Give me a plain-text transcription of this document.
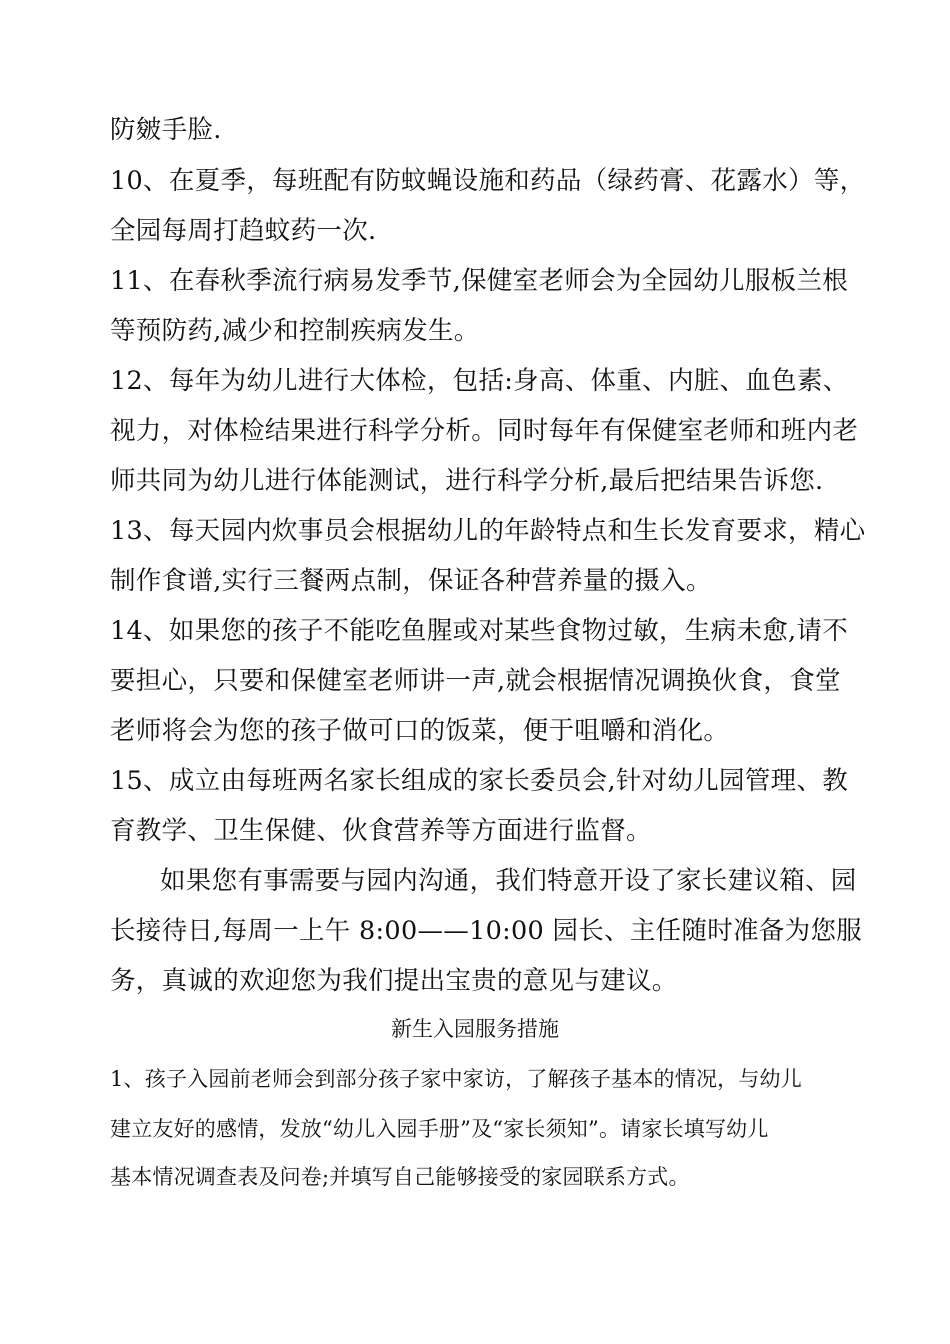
防皴手脸.
10、在夏季，每班配有防蚊蝇设施和药品（绿药膏、花露水）等，
全园每周打趋蚊药一次.
11、在春秋季流行病易发季节,保健室老师会为全园幼儿服板兰根
等预防药,减少和控制疾病发生。
12、每年为幼儿进行大体检，包括:身高、体重、内脏、血色素、
视力，对体检结果进行科学分析。同时每年有保健室老师和班内老
师共同为幼儿进行体能测试，进行科学分析,最后把结果告诉您.
13、每天园内炊事员会根据幼儿的年龄特点和生长发育要求，精心
制作食谱,实行三餐两点制，保证各种营养量的摄入。
14、如果您的孩子不能吃鱼腥或对某些食物过敏，生病未愈,请不
要担心，只要和保健室老师讲一声,就会根据情况调换伙食，食堂
老师将会为您的孩子做可口的饭菜，便于咀嚼和消化。
15、成立由每班两名家长组成的家长委员会,针对幼儿园管理、教
育教学、卫生保健、伙食营养等方面进行监督。
如果您有事需要与园内沟通，我们特意开设了家长建议箱、园
长接待日,每周一上午 8:00——10:00 园长、主任随时准备为您服
务，真诚的欢迎您为我们提出宝贵的意见与建议。
新生入园服务措施
1、孩子入园前老师会到部分孩子家中家访，了解孩子基本的情况，与幼儿
建立友好的感情，发放“幼儿入园手册”及“家长须知”。请家长填写幼儿
基本情况调查表及问卷;并填写自己能够接受的家园联系方式。
